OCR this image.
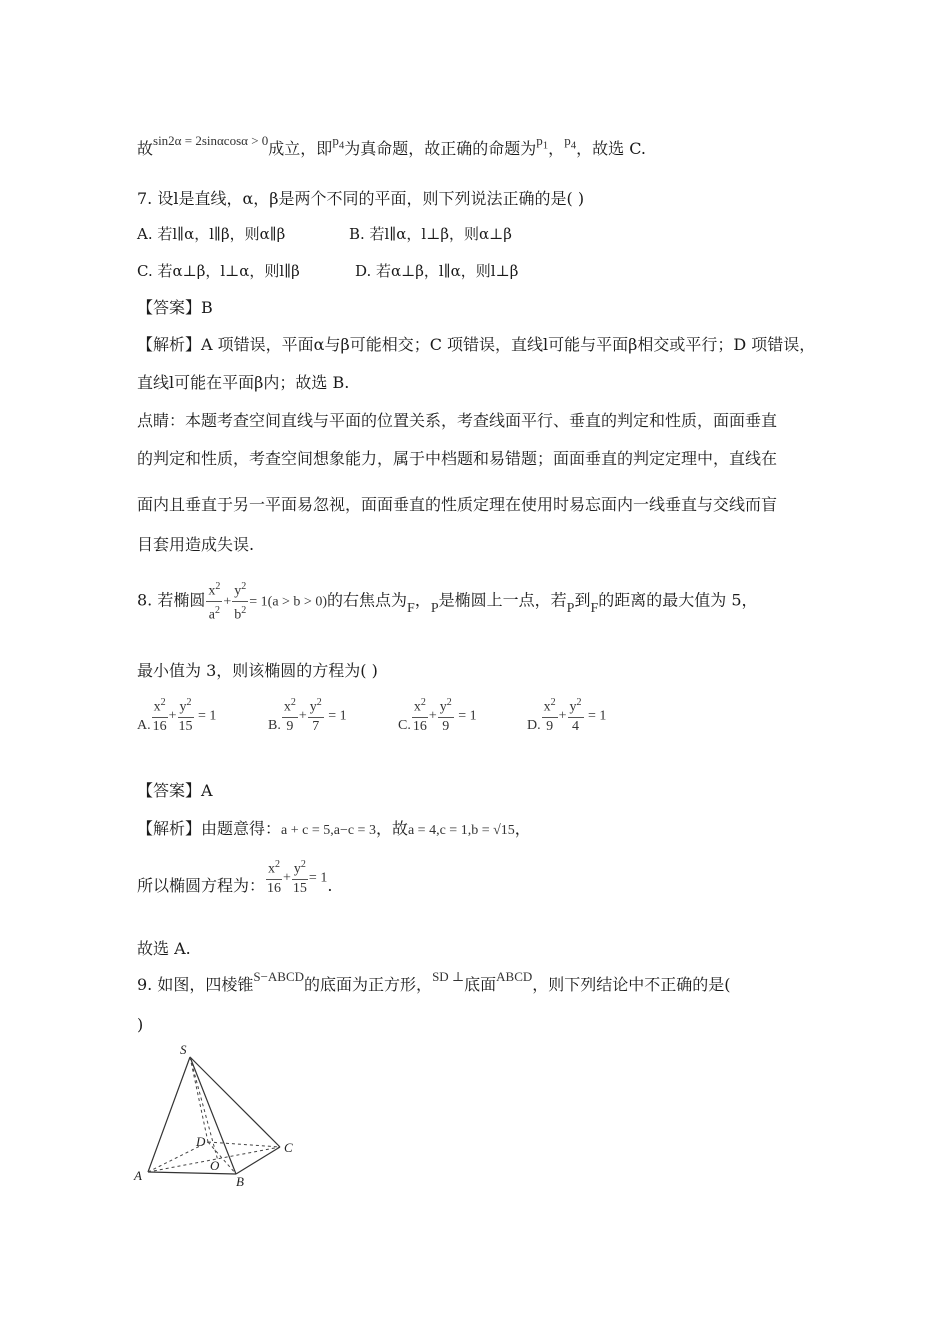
故$^{sin2\alpha = 2sin\alpha cos\alpha > 0}$成立，即$^{p_4}$为真命题，故正确的命题为$^{p_1}$，$^{p_4}$，故选 C.
7. 设l是直线，α，β是两个不同的平面，则下列说法正确的是( )
A. 若l∥α，l∥β，则α∥β	B. 若l∥α，l⊥β，则α⊥β
C. 若α⊥β，l⊥α，则l∥β	D. 若α⊥β，l∥α，则l⊥β
【答案】B
【解析】A 项错误，平面α与β可能相交；C 项错误，直线l可能与平面β相交或平行；D 项错误，
直线l可能在平面β内；故选 B.
点睛：本题考查空间直线与平面的位置关系，考查线面平行、垂直的判定和性质，面面垂直
的判定和性质，考查空间想象能力，属于中档题和易错题；面面垂直的判定定理中，直线在
面内且垂直于另一平面易忽视，面面垂直的性质定理在使用时易忘面内一线垂直与交线而盲
目套用造成失误.
8. 若椭圆 $\frac{x^2}{a^2} + \frac{y^2}{b^2} = 1(a > b > 0)$的右焦点为F，P是椭圆上一点，若P到F的距离的最大值为 5，
最小值为 3，则该椭圆的方程为( )
A. $\frac{x^2}{16} + \frac{y^2}{15} = 1$
B. $\frac{x^2}{9} + \frac{y^2}{7} = 1$
C. $\frac{x^2}{16} + \frac{y^2}{9} = 1$
D. $\frac{x^2}{9} + \frac{y^2}{4} = 1$
【答案】A
【解析】由题意得：a + c = 5,a−c = 3，故a = 4,c = 1,b = √15，
所以椭圆方程为： $\frac{x^2}{16} + \frac{y^2}{15} = 1$.
故选 A.
9. 如图，四棱锥$^{S-ABCD}$的底面为正方形，$^{SD \perp}$底面$^{ABCD}$，则下列结论中不正确的是(
)
S
D	C
O
A	B
